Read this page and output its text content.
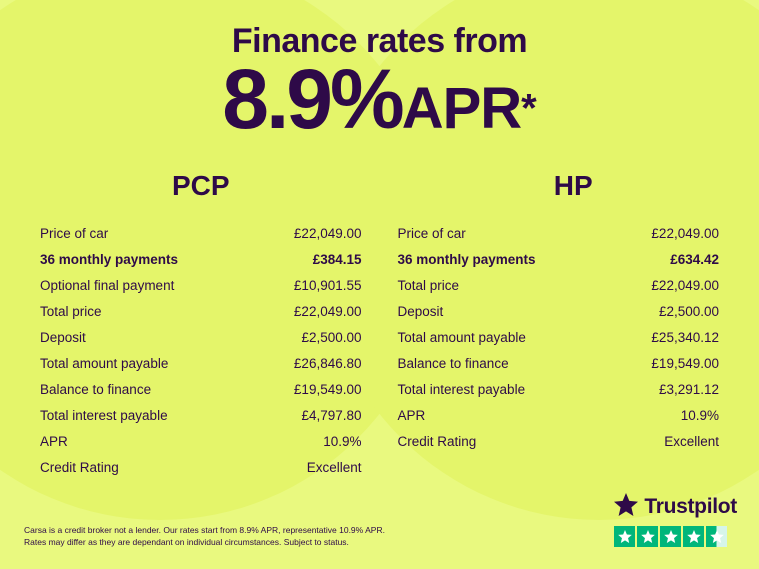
Finance rates from
8.9%APR*
PCP
Price of car	£22,049.00
36 monthly payments	£384.15
Optional final payment	£10,901.55
Total price	£22,049.00
Deposit	£2,500.00
Total amount payable	£26,846.80
Balance to finance	£19,549.00
Total interest payable	£4,797.80
APR	10.9%
Credit Rating	Excellent
HP
Price of car	£22,049.00
36 monthly payments	£634.42
Total price	£22,049.00
Deposit	£2,500.00
Total amount payable	£25,340.12
Balance to finance	£19,549.00
Total interest payable	£3,291.12
APR	10.9%
Credit Rating	Excellent
Carsa is a credit broker not a lender. Our rates start from 8.9% APR, representative 10.9% APR.
Rates may differ as they are dependant on individual circumstances. Subject to status.
Trustpilot
